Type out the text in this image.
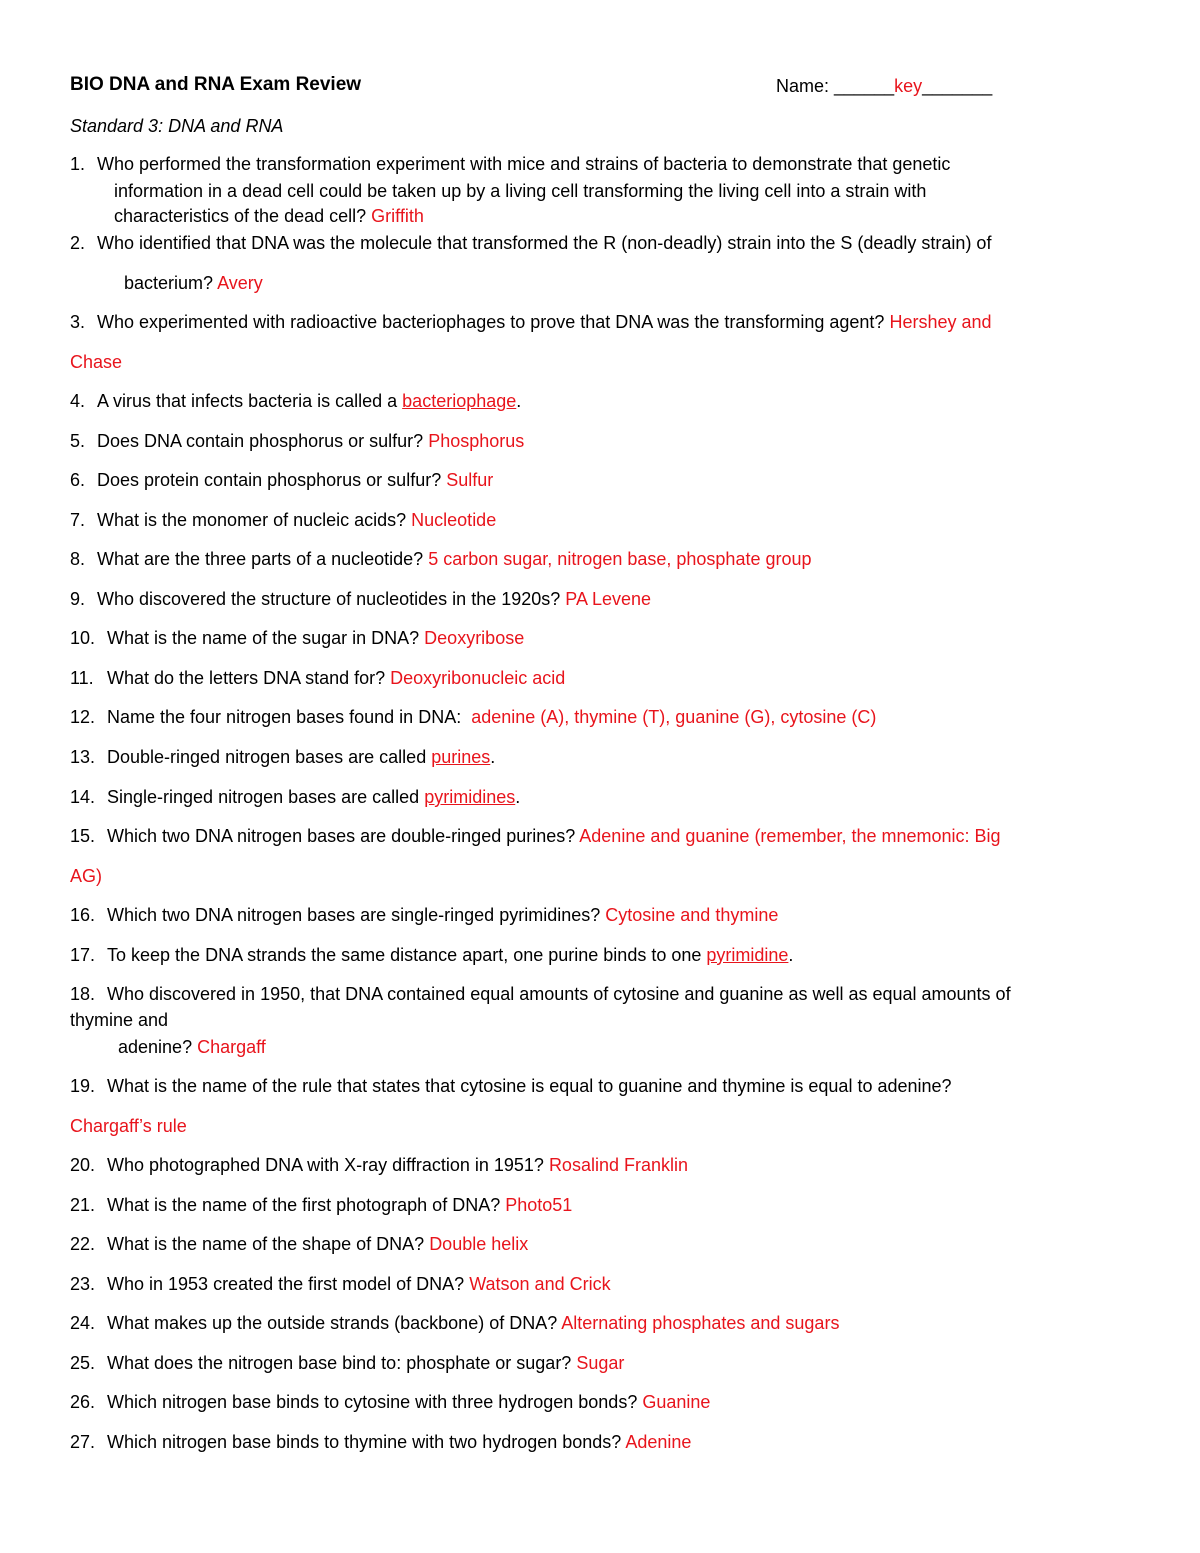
BIO DNA and RNA Exam Review	Name: ______key_______
Standard 3: DNA and RNA
1. Who performed the transformation experiment with mice and strains of bacteria to demonstrate that genetic
information in a dead cell could be taken up by a living cell transforming the living cell into a strain with
characteristics of the dead cell? Griffith
2. Who identified that DNA was the molecule that transformed the R (non-deadly) strain into the S (deadly strain) of
bacterium? Avery
3. Who experimented with radioactive bacteriophages to prove that DNA was the transforming agent? Hershey and
Chase
4. A virus that infects bacteria is called a bacteriophage.
5. Does DNA contain phosphorus or sulfur? Phosphorus
6. Does protein contain phosphorus or sulfur? Sulfur
7. What is the monomer of nucleic acids? Nucleotide
8. What are the three parts of a nucleotide? 5 carbon sugar, nitrogen base, phosphate group
9. Who discovered the structure of nucleotides in the 1920s? PA Levene
10. What is the name of the sugar in DNA? Deoxyribose
11. What do the letters DNA stand for? Deoxyribonucleic acid
12. Name the four nitrogen bases found in DNA: adenine (A), thymine (T), guanine (G), cytosine (C)
13. Double-ringed nitrogen bases are called purines.
14. Single-ringed nitrogen bases are called pyrimidines.
15. Which two DNA nitrogen bases are double-ringed purines? Adenine and guanine (remember, the mnemonic: Big
AG)
16. Which two DNA nitrogen bases are single-ringed pyrimidines? Cytosine and thymine
17. To keep the DNA strands the same distance apart, one purine binds to one pyrimidine.
18. Who discovered in 1950, that DNA contained equal amounts of cytosine and guanine as well as equal amounts of
thymine and
adenine? Chargaff
19. What is the name of the rule that states that cytosine is equal to guanine and thymine is equal to adenine?
Chargaff’s rule
20. Who photographed DNA with X-ray diffraction in 1951? Rosalind Franklin
21. What is the name of the first photograph of DNA? Photo51
22. What is the name of the shape of DNA? Double helix
23. Who in 1953 created the first model of DNA? Watson and Crick
24. What makes up the outside strands (backbone) of DNA? Alternating phosphates and sugars
25. What does the nitrogen base bind to: phosphate or sugar? Sugar
26. Which nitrogen base binds to cytosine with three hydrogen bonds? Guanine
27. Which nitrogen base binds to thymine with two hydrogen bonds? Adenine
